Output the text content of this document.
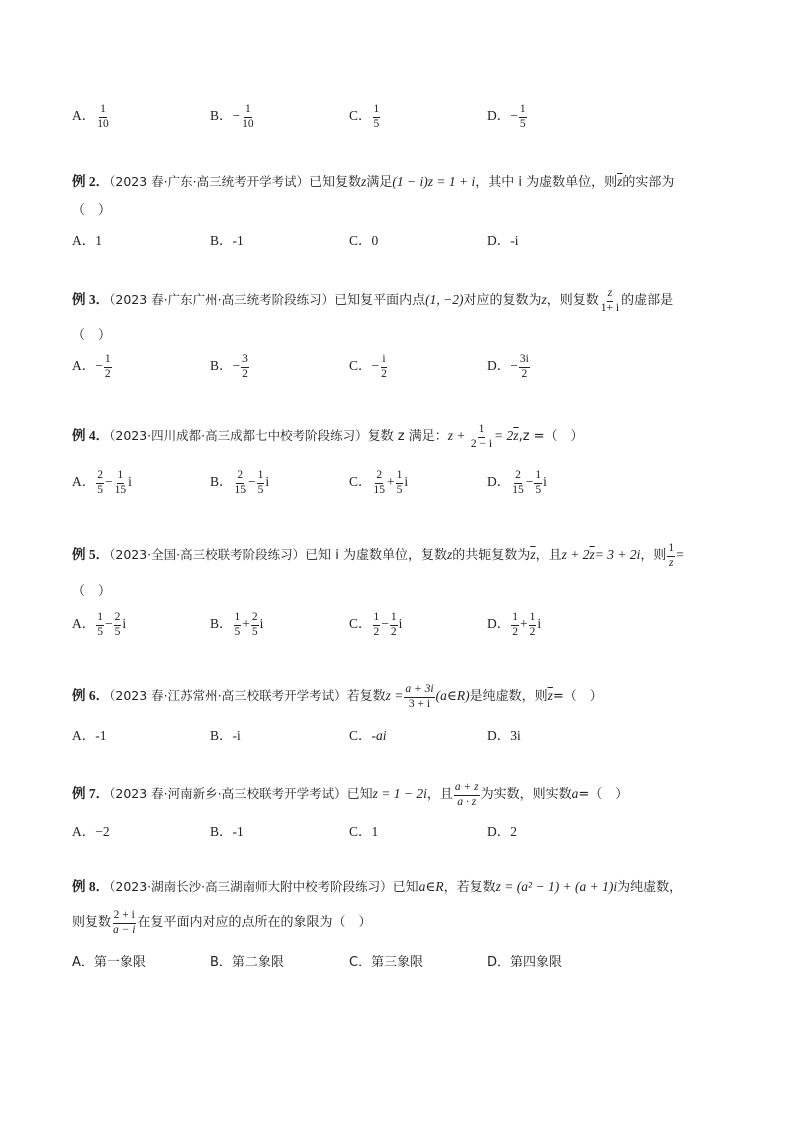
A． $\frac{1}{10}$	B．− $\frac{1}{10}$	C． $\frac{1}{5}$	D．− $\frac{1}{5}$
例 2．（2023 春·广东·高三统考开学考试）已知复数z满足(1 − i)z = 1 + i，其中 i 为虚数单位，则$\overline{z}$的实部为
（　）
A．1	B．-1	C．0	D．-i
例 3．（2023 春·广东广州·高三统考阶段练习）已知复平面内点(1, −2)对应的复数为z，则复数 $\frac{z}{1+ i}$ 的虚部是
（　）
A．− $\frac{1}{2}$	B．− $\frac{3}{2}$	C．− $\frac{i}{2}$	D．− $\frac{3i}{2}$
例 4．（2023·四川成都·高三成都七中校考阶段练习）复数 z 满足：$z + \frac{1}{2 - i} = 2\overline{z},z$ =（　）
A． $\frac{2}{5} - \frac{1}{15}$ i	B． $\frac{2}{15} - \frac{1}{5}$ i	C． $\frac{2}{15} + \frac{1}{5}$ i	D． $\frac{2}{15} - \frac{1}{5}$ i
例 5．（2023·全国·高三校联考阶段练习）已知 i 为虚数单位，复数z的共轭复数为$\overline{z}$，且$z + 2\overline{z}= 3 + 2i$，则 $\frac{1}{z}$ =
（　）
A． $\frac{1}{5} - \frac{2}{5}$ i	B． $\frac{1}{5} + \frac{2}{5}$ i	C． $\frac{1}{2} - \frac{1}{2}$ i	D． $\frac{1}{2} + \frac{1}{2}$ i
例 6．（2023 春·江苏常州·高三校联考开学考试）若复数$z = \frac{a + 3i}{3 + i}$ (a∈R)是纯虚数，则$\overline{z}=$（　）
A．-1	B．-i	C．-ai	D．3i
例 7．（2023 春·河南新乡·高三校联考开学考试）已知z = 1 − 2i，且 $\frac{a + z}{a \cdot z}$ 为实数，则实数a=（　）
A．−2	B．-1	C．1	D．2
例 8．（2023·湖南长沙·高三湖南师大附中校考阶段练习）已知a∈R，若复数z = (a² − 1) + (a + 1)i为纯虚数，
则复数 $\frac{2 + i}{a - i}$ 在复平面内对应的点所在的象限为（　）
A．第一象限	B．第二象限	C．第三象限	D．第四象限
